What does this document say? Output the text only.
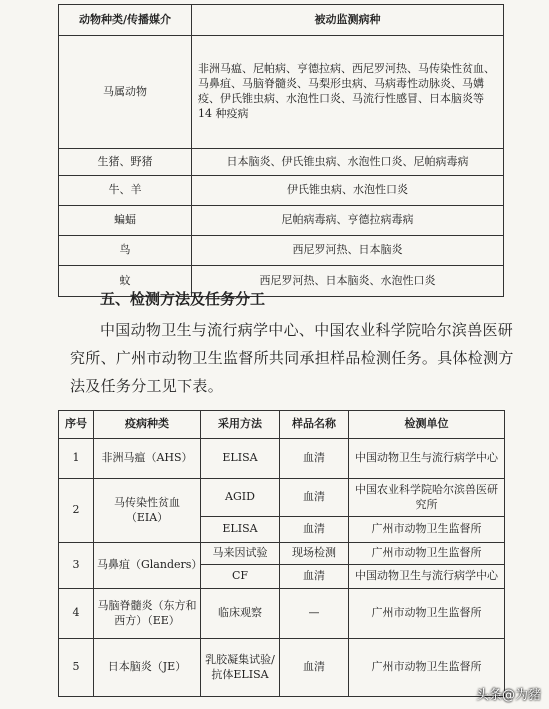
动物种类/传播媒介	被动监测病种
马属动物	非洲马瘟、尼帕病、亨德拉病、西尼罗河热、马传染性贫血、马鼻疽、马脑脊髓炎、马梨形虫病、马病毒性动脉炎、马媾疫、伊氏锥虫病、水泡性口炎、马流行性感冒、日本脑炎等 14 种疫病
生猪、野猪	日本脑炎、伊氏锥虫病、水泡性口炎、尼帕病毒病
牛、羊	伊氏锥虫病、水泡性口炎
蝙蝠	尼帕病毒病、亨德拉病毒病
鸟	西尼罗河热、日本脑炎
蚊	西尼罗河热、日本脑炎、水泡性口炎
五、检测方法及任务分工
中国动物卫生与流行病学中心、中国农业科学院哈尔滨兽医研究所、广州市动物卫生监督所共同承担样品检测任务。具体检测方法及任务分工见下表。
序号	疫病种类	采用方法	样品名称	检测单位
1	非洲马瘟（AHS）	ELISA	血清	中国动物卫生与流行病学中心
2	马传染性贫血（EIA）	AGID	血清	中国农业科学院哈尔滨兽医研究所
		ELISA	血清	广州市动物卫生监督所
3	马鼻疽（Glanders）	马来因试验	现场检测	广州市动物卫生监督所
		CF	血清	中国动物卫生与流行病学中心
4	马脑脊髓炎（东方和西方）（EE）	临床观察	—	广州市动物卫生监督所
5	日本脑炎（JE）	乳胶凝集试验/抗体ELISA	血清	广州市动物卫生监督所
头条@为豬
